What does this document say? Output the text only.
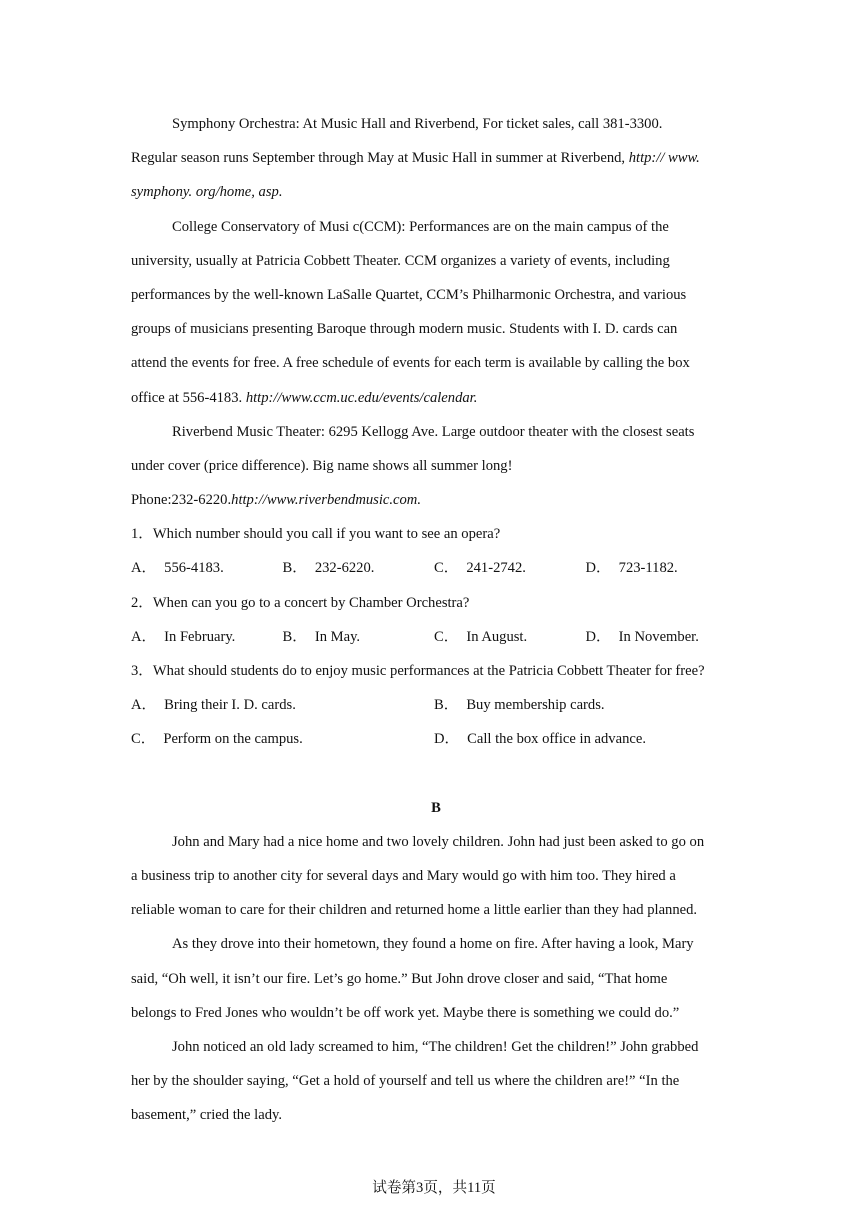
Symphony Orchestra: At Music Hall and Riverbend, For ticket sales, call 381-3300.
Regular season runs September through May at Music Hall in summer at Riverbend, http:// www.
symphony. org/home, asp.
College Conservatory of Musi c(CCM): Performances are on the main campus of the
university, usually at Patricia Cobbett Theater. CCM organizes a variety of events, including
performances by the well-known LaSalle Quartet, CCM’s Philharmonic Orchestra, and various
groups of musicians presenting Baroque through modern music. Students with I. D. cards can
attend the events for free. A free schedule of events for each term is available by calling the box
office at 556-4183. http://www.ccm.uc.edu/events/calendar.
Riverbend Music Theater: 6295 Kellogg Ave. Large outdoor theater with the closest seats
under cover (price difference). Big name shows all summer long!
Phone:232-6220.http://www.riverbendmusic.com.
1．Which number should you call if you want to see an opera?
A． 556-4183.	B． 232-6220.	C． 241-2742.	D． 723-1182.
2．When can you go to a concert by Chamber Orchestra?
A． In February.	B． In May.	C． In August.	D． In November.
3．What should students do to enjoy music performances at the Patricia Cobbett Theater for free?
A． Bring their I. D. cards.	B． Buy membership cards.
C． Perform on the campus.	D． Call the box office in advance.
B
John and Mary had a nice home and two lovely children. John had just been asked to go on
a business trip to another city for several days and Mary would go with him too. They hired a
reliable woman to care for their children and returned home a little earlier than they had planned.
As they drove into their hometown, they found a home on fire. After having a look, Mary
said, “Oh well, it isn’t our fire. Let’s go home.” But John drove closer and said, “That home
belongs to Fred Jones who wouldn’t be off work yet. Maybe there is something we could do.”
John noticed an old lady screamed to him, “The children! Get the children!” John grabbed
her by the shoulder saying, “Get a hold of yourself and tell us where the children are!” “In the
basement,” cried the lady.
试卷第3页，共11页
